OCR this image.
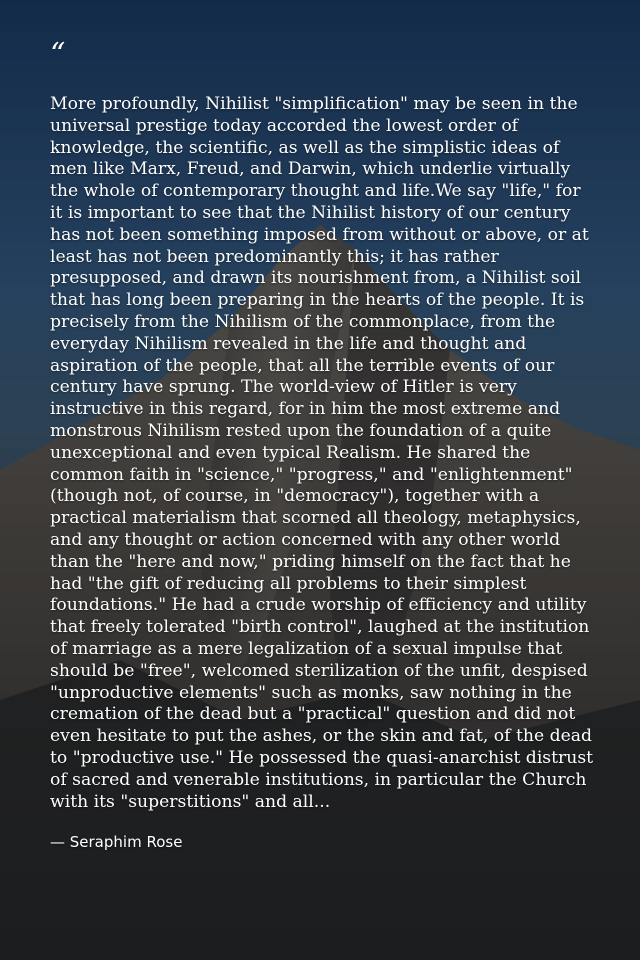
“

More profoundly, Nihilist "simplification" may be seen in the universal prestige today accorded the lowest order of knowledge, the scientific, as well as the simplistic ideas of men like Marx, Freud, and Darwin, which underlie virtually the whole of contemporary thought and life.We say "life," for it is important to see that the Nihilist history of our century has not been something imposed from without or above, or at least has not been predominantly this; it has rather presupposed, and drawn its nourishment from, a Nihilist soil that has long been preparing in the hearts of the people. It is precisely from the Nihilism of the commonplace, from the everyday Nihilism revealed in the life and thought and aspiration of the people, that all the terrible events of our century have sprung. The world-view of Hitler is very instructive in this regard, for in him the most extreme and monstrous Nihilism rested upon the foundation of a quite unexceptional and even typical Realism. He shared the common faith in "science," "progress," and "enlightenment" (though not, of course, in "democracy"), together with a practical materialism that scorned all theology, metaphysics, and any thought or action concerned with any other world than the "here and now," priding himself on the fact that he had "the gift of reducing all problems to their simplest foundations." He had a crude worship of efficiency and utility that freely tolerated "birth control", laughed at the institution of marriage as a mere legalization of a sexual impulse that should be "free", welcomed sterilization of the unfit, despised "unproductive elements" such as monks, saw nothing in the cremation of the dead but a "practical" question and did not even hesitate to put the ashes, or the skin and fat, of the dead to "productive use." He possessed the quasi-anarchist distrust of sacred and venerable institutions, in particular the Church with its "superstitions" and all...

— Seraphim Rose
